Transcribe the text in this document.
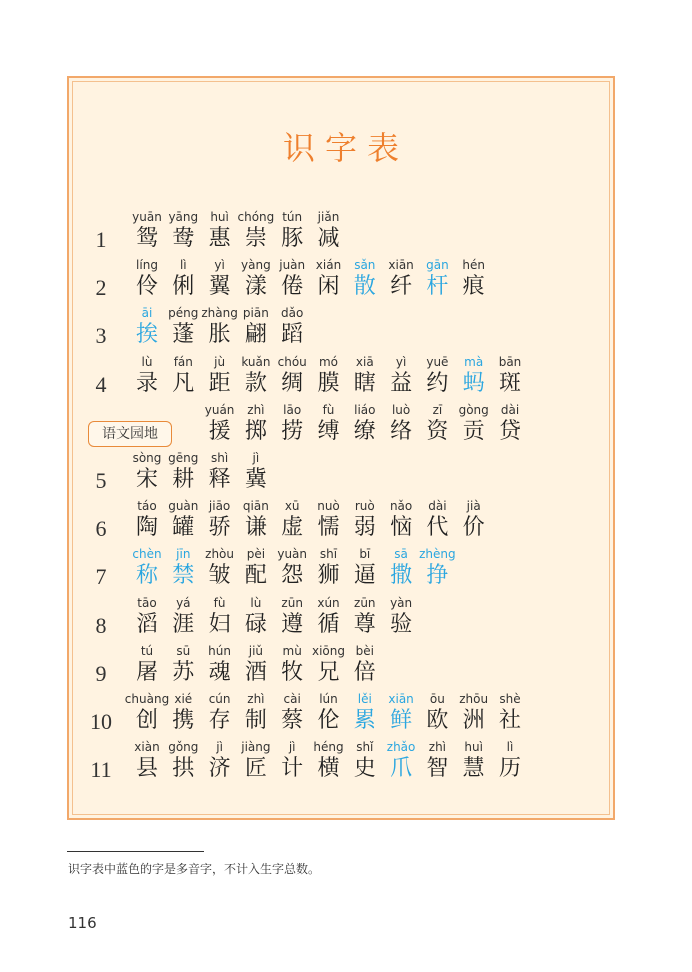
识字表
1
yuān
鸳
yāng
鸯
huì
惠
chóng
崇
tún
豚
jiǎn
减
2
líng
伶
lì
俐
yì
翼
yàng
漾
juàn
倦
xián
闲
sǎn
散
xiān
纤
gān
杆
hén
痕
3
āi
挨
péng
蓬
zhàng
胀
piān
翩
dǎo
蹈
4
lù
录
fán
凡
jù
距
kuǎn
款
chóu
绸
mó
膜
xiā
瞎
yì
益
yuē
约
mà
蚂
bān
斑
yuán
援
zhì
掷
lāo
捞
fù
缚
liáo
缭
luò
络
zī
资
gòng
贡
dài
贷
5
sòng
宋
gēng
耕
shì
释
jì
冀
6
táo
陶
guàn
罐
jiāo
骄
qiān
谦
xū
虚
nuò
懦
ruò
弱
nǎo
恼
dài
代
jià
价
7
chèn
称
jīn
禁
zhòu
皱
pèi
配
yuàn
怨
shī
狮
bī
逼
sā
撒
zhèng
挣
8
tāo
滔
yá
涯
fù
妇
lù
碌
zūn
遵
xún
循
zūn
尊
yàn
验
9
tú
屠
sū
苏
hún
魂
jiǔ
酒
mù
牧
xiōng
兄
bèi
倍
10
chuàng
创
xié
携
cún
存
zhì
制
cài
蔡
lún
伦
lěi
累
xiān
鲜
ōu
欧
zhōu
洲
shè
社
11
xiàn
县
gǒng
拱
jì
济
jiàng
匠
jì
计
héng
横
shǐ
史
zhǎo
爪
zhì
智
huì
慧
lì
历
语文园地
识字表中蓝色的字是多音字，不计入生字总数。
116
